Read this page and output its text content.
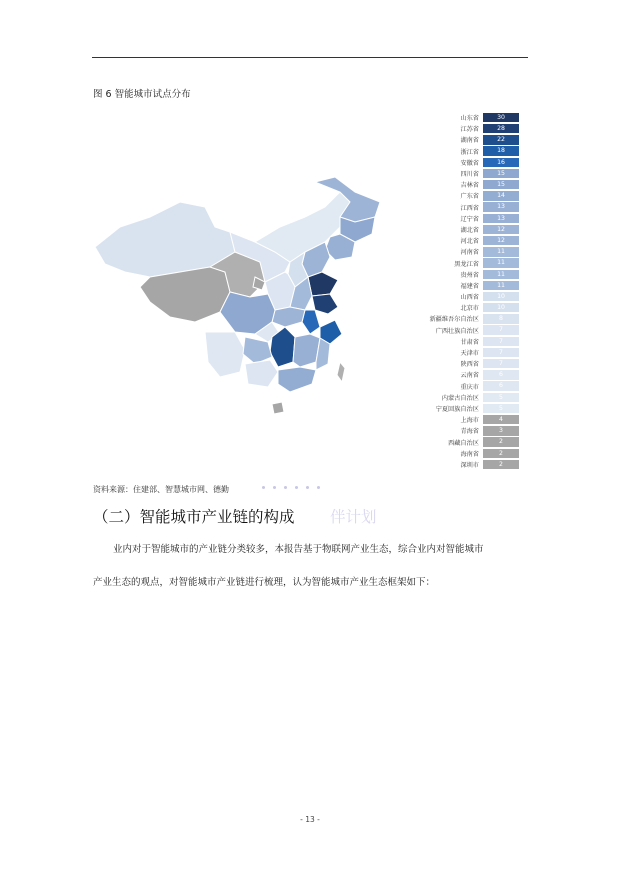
图 6 智能城市试点分布
山东省	30
江苏省	28
湖南省	22
浙江省	18
安徽省	16
四川省	15
吉林省	15
广东省	14
江西省	13
辽宁省	13
湖北省	12
河北省	12
河南省	11
黑龙江省	11
贵州省	11
福建省	11
山西省	10
北京市	10
新疆维吾尔自治区	8
广西壮族自治区	7
甘肃省	7
天津市	7
陕西省	7
云南省	6
重庆市	6
内蒙古自治区	5
宁夏回族自治区	5
上海市	4
青海省	3
西藏自治区	2
海南省	2
深圳市	2
资料来源：住建部、智慧城市网、德勤
（二）智能城市产业链的构成 伴计划
业内对于智能城市的产业链分类较多，本报告基于物联网产业生态，综合业内对智能城市
产业生态的观点，对智能城市产业链进行梳理，认为智能城市产业生态框架如下：
- 13 -
